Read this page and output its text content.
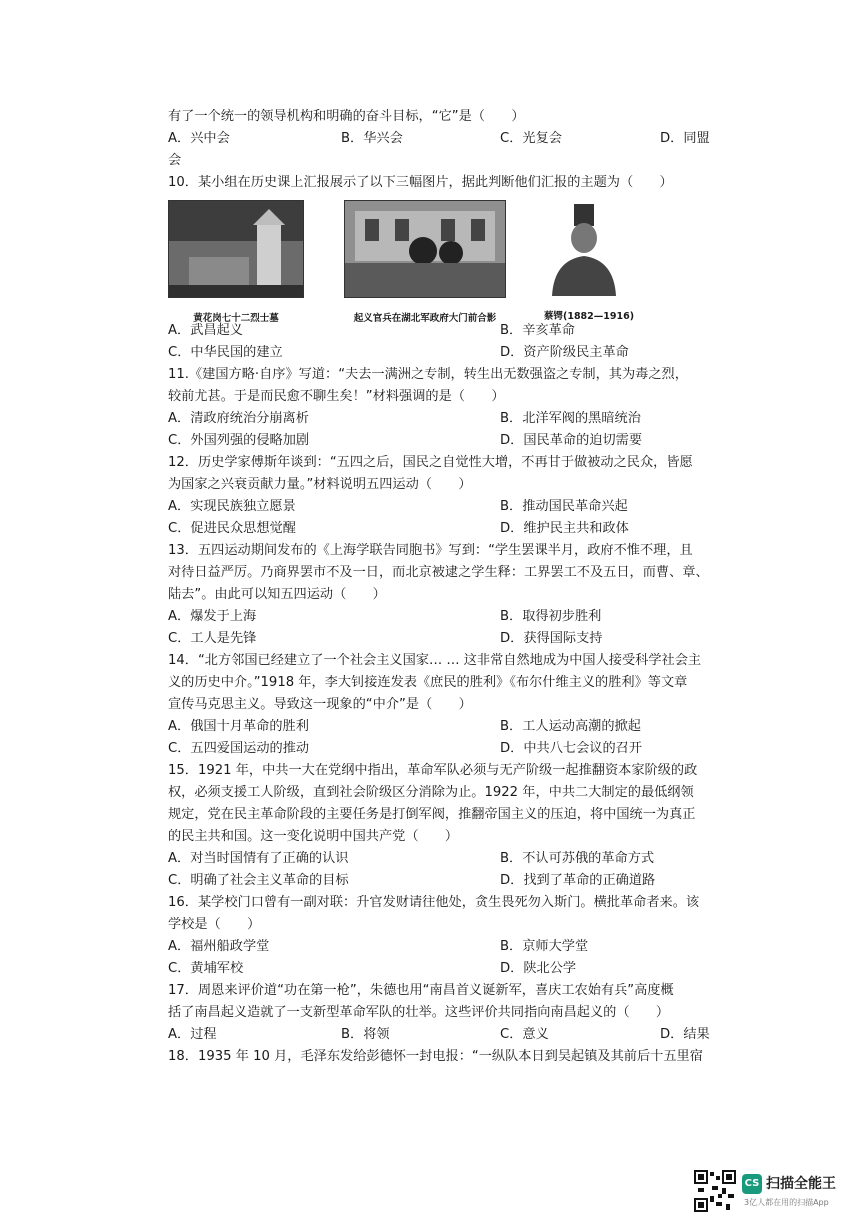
有了一个统一的领导机构和明确的奋斗目标，“它”是（　　）
A．兴中会	B．华兴会	C．光复会	D．同盟
会
10．某小组在历史课上汇报展示了以下三幅图片，据此判断他们汇报的主题为（　　）
黄花岗七十二烈士墓	起义官兵在湖北军政府大门前合影	蔡锷(1882—1916)
A．武昌起义	B．辛亥革命
C．中华民国的建立	D．资产阶级民主革命
11.《建国方略·自序》写道：“夫去一满洲之专制，转生出无数强盗之专制，其为毒之烈，
较前尤甚。于是而民愈不聊生矣！”材料强调的是（　　）
A．清政府统治分崩离析	B．北洋军阀的黑暗统治
C．外国列强的侵略加剧	D．国民革命的迫切需要
12．历史学家傅斯年谈到：“五四之后，国民之自觉性大增，不再甘于做被动之民众，皆愿
为国家之兴衰贡献力量。”材料说明五四运动（　　）
A．实现民族独立愿景	B．推动国民革命兴起
C．促进民众思想觉醒	D．维护民主共和政体
13．五四运动期间发布的《上海学联告同胞书》写到：“学生罢课半月，政府不惟不理，且
对待日益严厉。乃商界罢市不及一日，而北京被逮之学生释：工界罢工不及五日，而曹、章、
陆去”。由此可以知五四运动（　　）
A．爆发于上海	B．取得初步胜利
C．工人是先锋	D．获得国际支持
14．“北方邻国已经建立了一个社会主义国家… … 这非常自然地成为中国人接受科学社会主
义的历史中介。”1918 年，李大钊接连发表《庶民的胜利》《布尔什维主义的胜利》等文章
宣传马克思主义。导致这一现象的“中介”是（　　）
A．俄国十月革命的胜利	B．工人运动高潮的掀起
C．五四爱国运动的推动	D．中共八七会议的召开
15．1921 年，中共一大在党纲中指出，革命军队必须与无产阶级一起推翻资本家阶级的政
权，必须支援工人阶级，直到社会阶级区分消除为止。1922 年，中共二大制定的最低纲领
规定，党在民主革命阶段的主要任务是打倒军阀，推翻帝国主义的压迫，将中国统一为真正
的民主共和国。这一变化说明中国共产党（　　）
A．对当时国情有了正确的认识	B．不认可苏俄的革命方式
C．明确了社会主义革命的目标	D．找到了革命的正确道路
16．某学校门口曾有一副对联：升官发财请往他处，贪生畏死勿入斯门。横批革命者来。该
学校是（　　）
A．福州船政学堂	B．京师大学堂
C．黄埔军校	D．陕北公学
17．周恩来评价道“功在第一枪”，朱德也用“南昌首义诞新军，喜庆工农始有兵”高度概
括了南昌起义造就了一支新型革命军队的壮举。这些评价共同指向南昌起义的（　　）
A．过程	B．将领	C．意义	D．结果
18．1935 年 10 月，毛泽东发给彭德怀一封电报：“一纵队本日到吴起镇及其前后十五里宿
CS 扫描全能王
3亿人都在用的扫描App
